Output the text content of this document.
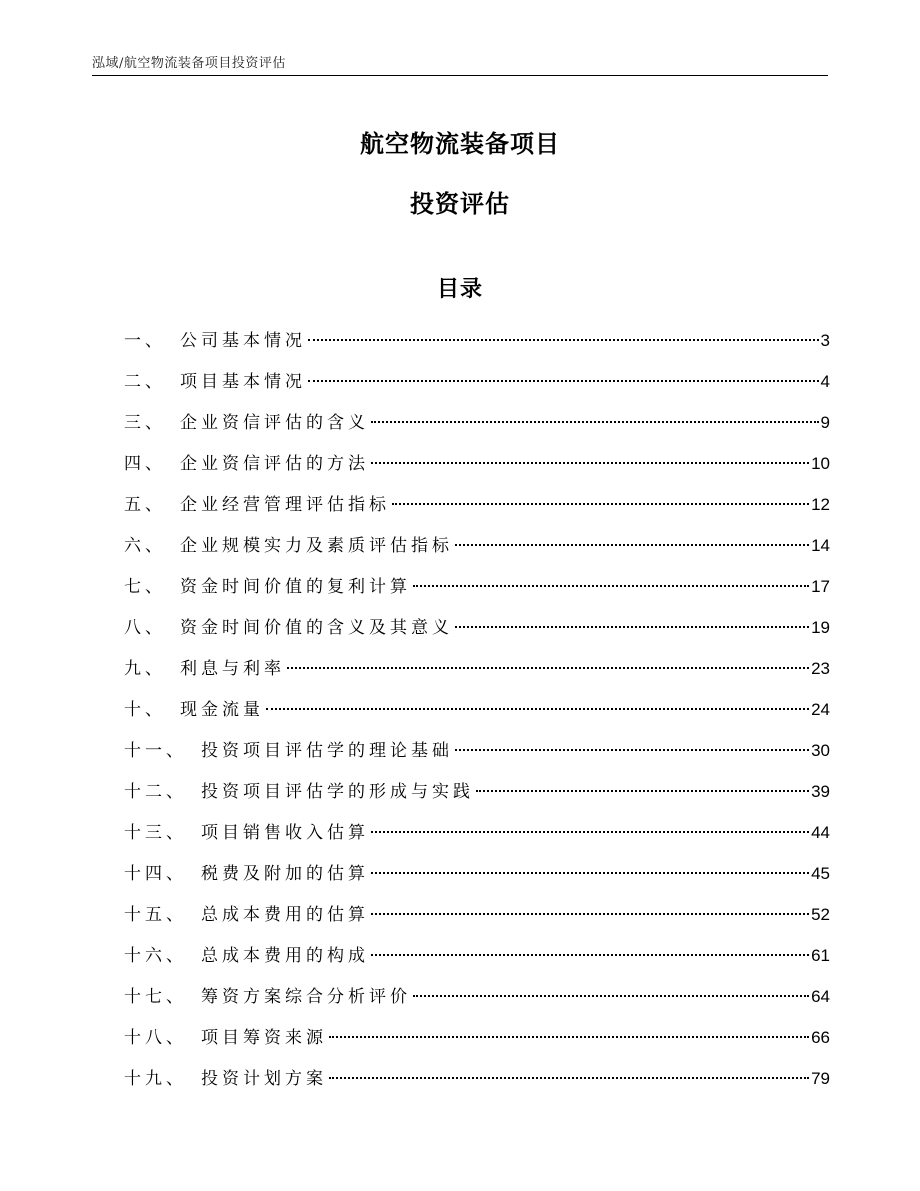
泓域/航空物流装备项目投资评估
航空物流装备项目
投资评估
目录
一、 公司基本情况	3
二、 项目基本情况	4
三、 企业资信评估的含义	9
四、 企业资信评估的方法	10
五、 企业经营管理评估指标	12
六、 企业规模实力及素质评估指标	14
七、 资金时间价值的复利计算	17
八、 资金时间价值的含义及其意义	19
九、 利息与利率	23
十、 现金流量	24
十一、 投资项目评估学的理论基础	30
十二、 投资项目评估学的形成与实践	39
十三、 项目销售收入估算	44
十四、 税费及附加的估算	45
十五、 总成本费用的估算	52
十六、 总成本费用的构成	61
十七、 筹资方案综合分析评价	64
十八、 项目筹资来源	66
十九、 投资计划方案	79
